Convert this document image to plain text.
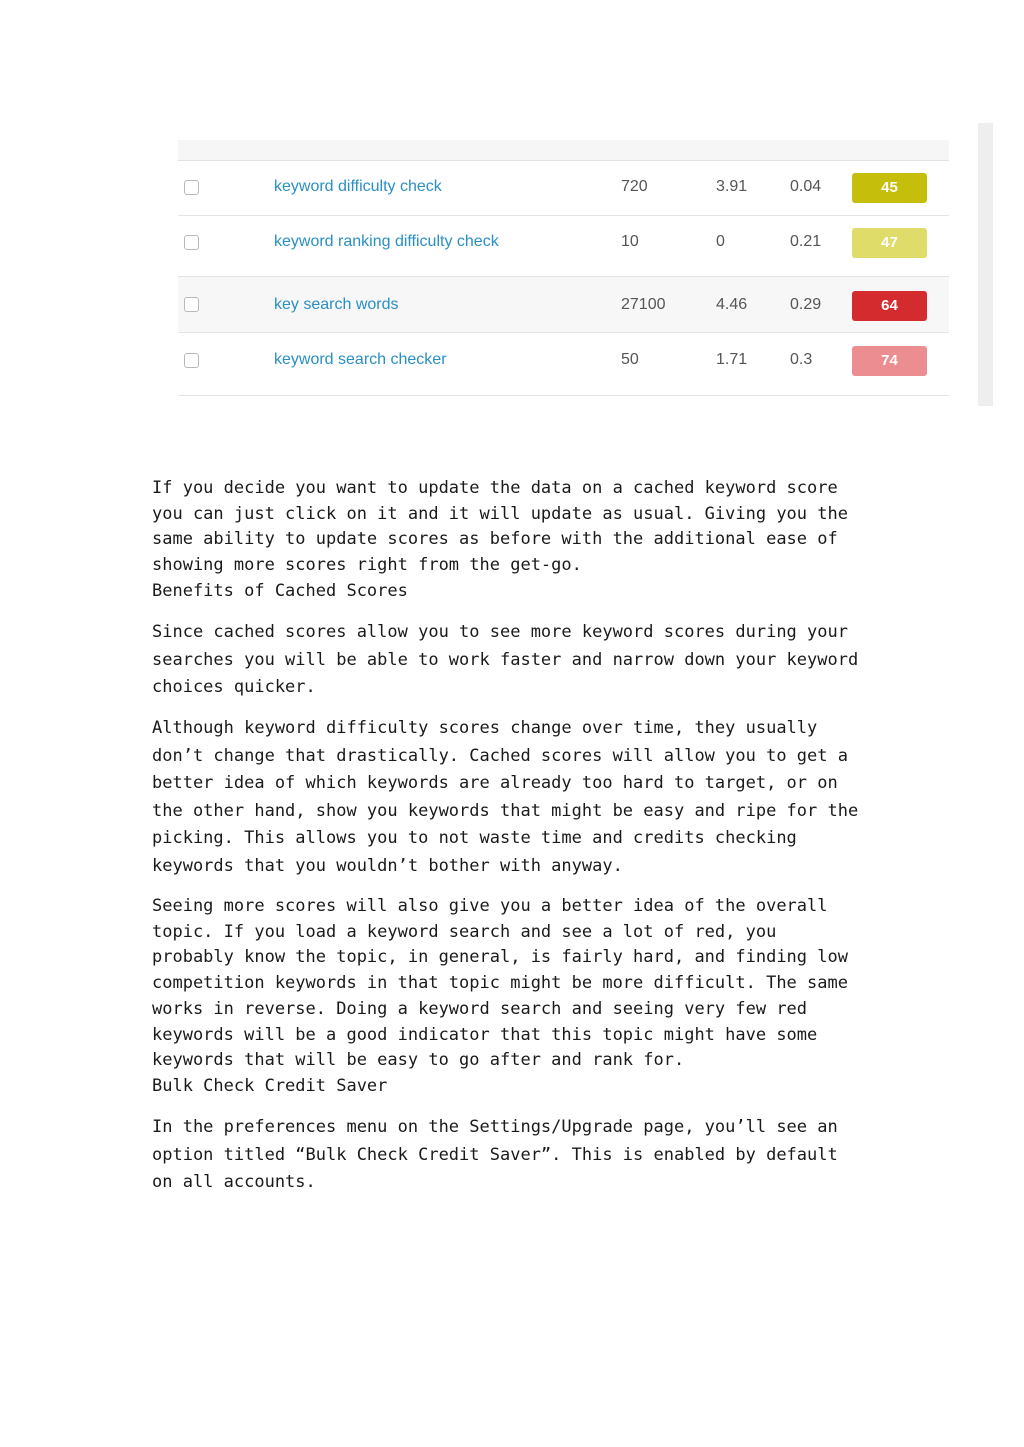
keyword difficulty check	720	3.91	0.04	45
keyword ranking difficulty check	10	0	0.21	47
key search words	27100	4.46	0.29	64
keyword search checker	50	1.71	0.3	74

If you decide you want to update the data on a cached keyword score
you can just click on it and it will update as usual. Giving you the
same ability to update scores as before with the additional ease of
showing more scores right from the get-go.

Benefits of Cached Scores

Since cached scores allow you to see more keyword scores during your
searches you will be able to work faster and narrow down your keyword
choices quicker.

Although keyword difficulty scores change over time, they usually
don’t change that drastically. Cached scores will allow you to get a
better idea of which keywords are already too hard to target, or on
the other hand, show you keywords that might be easy and ripe for the
picking. This allows you to not waste time and credits checking
keywords that you wouldn’t bother with anyway.

Seeing more scores will also give you a better idea of the overall
topic. If you load a keyword search and see a lot of red, you
probably know the topic, in general, is fairly hard, and finding low
competition keywords in that topic might be more difficult. The same
works in reverse. Doing a keyword search and seeing very few red
keywords will be a good indicator that this topic might have some
keywords that will be easy to go after and rank for.

Bulk Check Credit Saver

In the preferences menu on the Settings/Upgrade page, you’ll see an
option titled “Bulk Check Credit Saver”. This is enabled by default
on all accounts.
